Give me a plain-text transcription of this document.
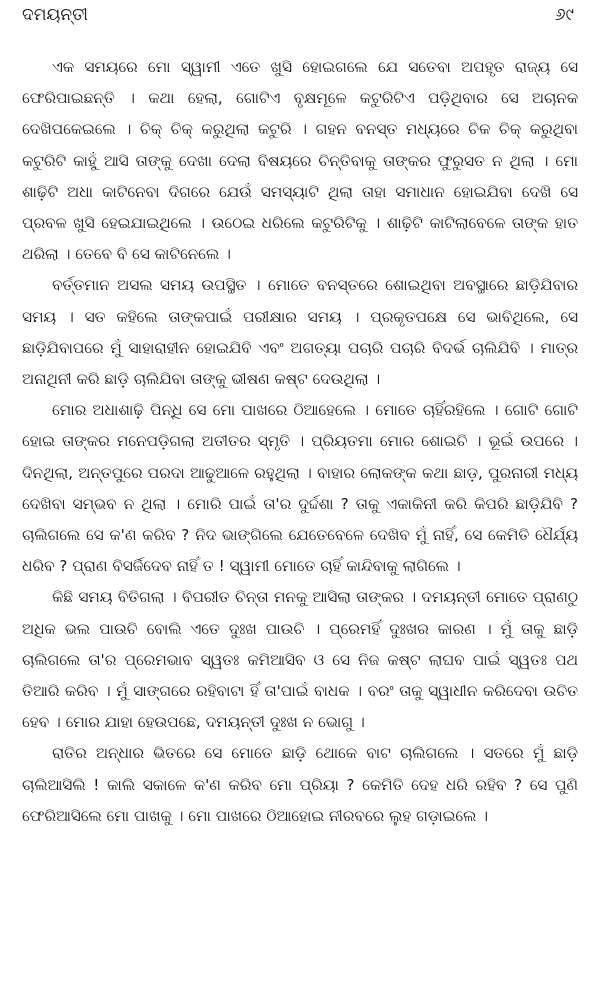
ଦମୟନ୍ତୀ	୬୯

ଏକ ସମୟରେ ମୋ ସ୍ୱାମୀ ଏତେ ଖୁସି ହୋଇଗଲେ ଯେ ସତେବା ଅପହୃତ ରାଜ୍ୟ ସେ ଫେରିପାଇଛନ୍ତି । କଥା ହେଲା, ଗୋଟିଏ ବୃକ୍ଷମୂଳେ କଟୁରିଟିଏ ପଡ଼ିଥିବାର ସେ ଅଚାନକ ଦେଖିପକେଇଲେ । ଚିକ୍ ଚିକ୍ କରୁଥିଲା କଟୁରି । ଗହନ ବନସ୍ତ ମଧ୍ୟରେ ଚିକ ଚିକ୍ କରୁଥିବା କଟୁରିଟି କାହୁଁ ଆସି ତାଙ୍କୁ ଦେଖା ଦେଲା ବିଷୟରେ ଚିନ୍ତିବାକୁ ତାଙ୍କର ଫୁରୁସତ ନ ଥିଲା । ମୋ ଶାଢ଼ିଟି ଅଧା କାଟିନେବା ଦିଗରେ ଯେଉଁ ସମସ୍ୟାଟି ଥିଲା ତାହା ସମାଧାନ ହୋଇଯିବା ଦେଖି ସେ ପ୍ରବଳ ଖୁସି ହେଇଯାଇଥିଲେ । ଉଠେଇ ଧରିଲେ କଟୁରିଟିକୁ । ଶାଢ଼ିଟି କାଟିଲାବେଳେ ତାଙ୍କ ହାତ ଥରିଲା । ତେବେ ବି ସେ କାଟିନେଲେ ।

ବର୍ତ୍ତମାନ ଅସଲ ସମୟ ଉପସ୍ଥିତ । ମୋତେ ବନସ୍ତରେ ଶୋଇଥିବା ଅବସ୍ଥାରେ ଛାଡ଼ିଯିବାର ସମୟ । ସତ କହିଲେ ତାଙ୍କପାଇଁ ପରୀକ୍ଷାର ସମୟ । ପ୍ରକୃତପକ୍ଷେ ସେ ଭାବିଥିଲେ, ସେ ଛାଡ଼ିଯିବାପରେ ମୁଁ ସାହାରାହୀନ ହୋଇଯିବି ଏବଂ ଅଗତ୍ୟା ପଚାରି ପଚାରି ବିଦର୍ଭ ଚାଲିଯିବି । ମାତ୍ର ଅନାଥିନୀ କରି ଛାଡ଼ି ଚାଲିଯିବା ତାଙ୍କୁ ଭୀଷଣ କଷ୍ଟ ଦେଉଥିଲା ।

ମୋର ଅଧାଶାଢ଼ି ପିନ୍ଧି ସେ ମୋ ପାଖରେ ଠିଆହେଲେ । ମୋତେ ଚାହିଁରହିଲେ । ଗୋଟି ଗୋଟି ହୋଇ ତାଙ୍କର ମନେପଡ଼ିଗଲା ଅତୀତର ସ୍ମୃତି । ପ୍ରିୟତମା ମୋର ଶୋଇଚି । ଭୂଇଁ ଉପରେ । ଦିନଥିଲା, ଅନ୍ତପୁରେ ପରଦା ଆଢୁଆଳେ ରହୁଥିଲା । ବାହାର ଲୋକଙ୍କ କଥା ଛାଡ଼, ପୁରନାରୀ ମଧ୍ୟ ଦେଖିବା ସମ୍ଭବ ନ ଥିଲା । ମୋରି ପାଇଁ ତା'ର ଦୁର୍ଦ୍ଦଶା ? ତାକୁ ଏକାକିନୀ କରି କିପରି ଛାଡ଼ିଯିବି ? ଚାଲିଗଲେ ସେ କ'ଣ କରିବ ? ନିଦ ଭାଙ୍ଗିଲେ ଯେତେବେଳେ ଦେଖିବ ମୁଁ ନାହିଁ, ସେ କେମିତି ଧୈର୍ଯ୍ୟ ଧରିବ ? ପ୍ରାଣ ବିସର୍ଜିଦେବ ନାହିଁ ତ ! ସ୍ୱାମୀ ମୋତେ ଚାହିଁ କାନ୍ଦିବାକୁ ଲାଗିଲେ ।

କିଛି ସମୟ ବିତିଗଲା । ବିପରୀତ ଚିନ୍ତା ମନକୁ ଆସିଲା ତାଙ୍କର । ଦମୟନ୍ତୀ ମୋତେ ପ୍ରାଣଠୁ ଅଧିକ ଭଲ ପାଉଚି ବୋଲି ଏତେ ଦୁଃଖ ପାଉଚି । ପ୍ରେମହିଁ ଦୁଃଖର କାରଣ । ମୁଁ ତାକୁ ଛାଡ଼ି ଚାଲିଗଲେ ତା'ର ପ୍ରେମଭାବ ସ୍ୱତଃ କମିଆସିବ ଓ ସେ ନିଜ କଷ୍ଟ ଲାଘବ ପାଇଁ ସ୍ୱତଃ ପଥ ତିଆରି କରିବ । ମୁଁ ସାଙ୍ଗରେ ରହିବାଟା ହିଁ ତା'ପାଇଁ ବାଧକ । ବରଂ ତାକୁ ସ୍ୱାଧୀନ କରିଦେବା ଉଚିତ ହେବ । ମୋର ଯାହା ହେଉପଛେ, ଦମୟନ୍ତୀ ଦୁଃଖ ନ ଭୋଗୁ ।

ରାତିର ଅନ୍ଧାର ଭିତରେ ସେ ମୋତେ ଛାଡ଼ି ଥୋକେ ବାଟ ଚାଲିଗଲେ । ସତରେ ମୁଁ ଛାଡ଼ି ଚାଲିଆସିଲି ! କାଲି ସକାଳେ କ'ଣ କରିବ ମୋ ପ୍ରିୟା ? କେମିତି ଦେହ ଧରି ରହିବ ? ସେ ପୁଣି ଫେରିଆସିଲେ ମୋ ପାଖକୁ । ମୋ ପାଖରେ ଠିଆହୋଇ ନୀରବରେ ଲୁହ ଗଡ଼ାଇଲେ ।
